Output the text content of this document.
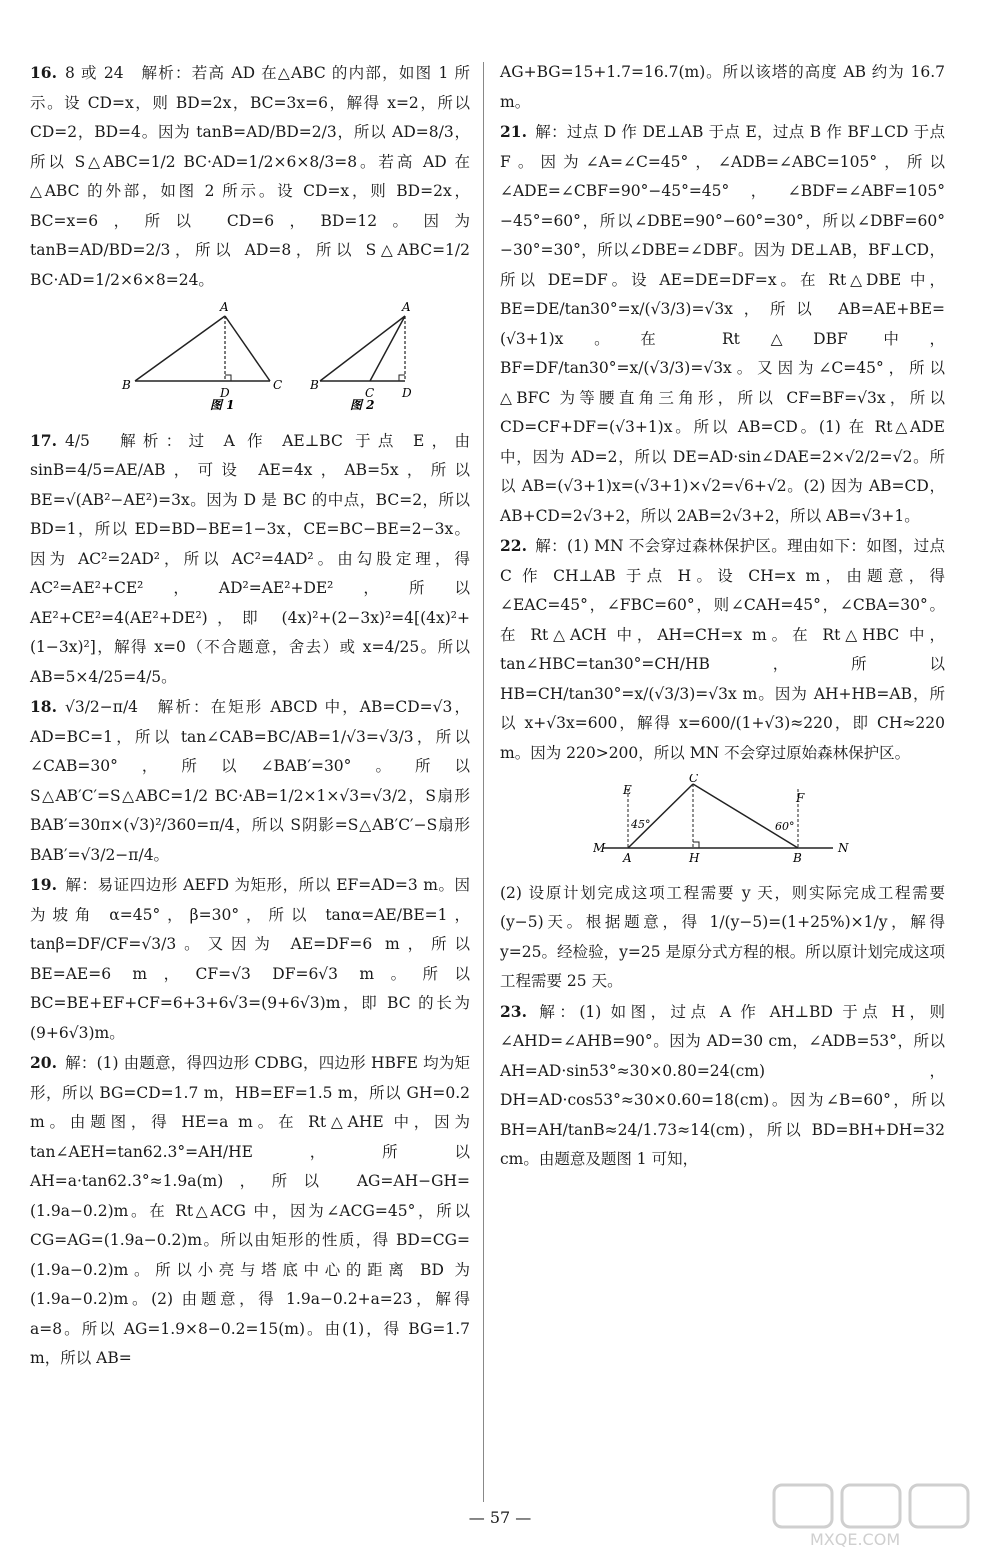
16. 8 或 24　解析：若高 AD 在△ABC 的内部，如图 1 所示。设 CD=x，则 BD=2x，BC=3x=6，解得 x=2，所以 CD=2，BD=4。因为 tanB=AD/BD=2/3，所以 AD=8/3，所以 S△ABC=1/2 BC·AD=1/2×6×8/3=8。若高 AD 在△ABC 的外部，如图 2 所示。设 CD=x，则 BD=2x，BC=x=6，所以 CD=6，BD=12。因为 tanB=AD/BD=2/3，所以 AD=8，所以 S△ABC=1/2 BC·AD=1/2×6×8=24。

A
B
D
C
图 1

A
B
C D
图 2

17. 4/5　解析：过 A 作 AE⊥BC 于点 E，由 sinB=4/5=AE/AB，可设 AE=4x，AB=5x，所以 BE=√(AB²−AE²)=3x。因为 D 是 BC 的中点，BC=2，所以 BD=1，所以 ED=BD−BE=1−3x，CE=BC−BE=2−3x。因为 AC²=2AD²，所以 AC²=4AD²。由勾股定理，得 AC²=AE²+CE²，AD²=AE²+DE²，所以 AE²+CE²=4(AE²+DE²)，即 (4x)²+(2−3x)²=4[(4x)²+(1−3x)²]，解得 x=0（不合题意，舍去）或 x=4/25。所以 AB=5×4/25=4/5。

18. √3/2−π/4　解析：在矩形 ABCD 中，AB=CD=√3，AD=BC=1，所以 tan∠CAB=BC/AB=1/√3=√3/3，所以∠CAB=30°，所以∠BAB′=30°。所以 S△AB′C′=S△ABC=1/2 BC·AB=1/2×1×√3=√3/2，S扇形BAB′=30π×(√3)²/360=π/4，所以 S阴影=S△AB′C′−S扇形BAB′=√3/2−π/4。

19. 解：易证四边形 AEFD 为矩形，所以 EF=AD=3 m。因为坡角 α=45°，β=30°，所以 tanα=AE/BE=1，tanβ=DF/CF=√3/3。又因为 AE=DF=6 m，所以 BE=AE=6 m，CF=√3 DF=6√3 m。所以 BC=BE+EF+CF=6+3+6√3=(9+6√3)m，即 BC 的长为(9+6√3)m。

20. 解：(1) 由题意，得四边形 CDBG，四边形 HBFE 均为矩形，所以 BG=CD=1.7 m，HB=EF=1.5 m，所以 GH=0.2 m。由题图，得 HE=a m。在 Rt△AHE 中，因为 tan∠AEH=tan62.3°=AH/HE，所以 AH=a·tan62.3°≈1.9a(m)，所以 AG=AH−GH=(1.9a−0.2)m。在 Rt△ACG 中，因为∠ACG=45°，所以 CG=AG=(1.9a−0.2)m。所以由矩形的性质，得 BD=CG=(1.9a−0.2)m。所以小亮与塔底中心的距离 BD 为(1.9a−0.2)m。(2) 由题意，得 1.9a−0.2+a=23，解得 a=8。所以 AG=1.9×8−0.2=15(m)。由(1)，得 BG=1.7 m，所以 AB=

AG+BG=15+1.7=16.7(m)。所以该塔的高度 AB 约为 16.7 m。

21. 解：过点 D 作 DE⊥AB 于点 E，过点 B 作 BF⊥CD 于点 F。因为∠A=∠C=45°，∠ADB=∠ABC=105°，所以∠ADE=∠CBF=90°−45°=45°，∠BDF=∠ABF=105°−45°=60°，所以∠DBE=90°−60°=30°，所以∠DBF=60°−30°=30°，所以∠DBE=∠DBF。因为 DE⊥AB，BF⊥CD，所以 DE=DF。设 AE=DE=DF=x。在 Rt△DBE 中，BE=DE/tan30°=x/(√3/3)=√3x，所以 AB=AE+BE=(√3+1)x。在 Rt△DBF 中，BF=DF/tan30°=x/(√3/3)=√3x。又因为∠C=45°，所以△BFC 为等腰直角三角形，所以 CF=BF=√3x，所以 CD=CF+DF=(√3+1)x。所以 AB=CD。(1) 在 Rt△ADE 中，因为 AD=2，所以 DE=AD·sin∠DAE=2×√2/2=√2。所以 AB=(√3+1)x=(√3+1)×√2=√6+√2。(2) 因为 AB=CD，AB+CD=2√3+2，所以 2AB=2√3+2，所以 AB=√3+1。

22. 解：(1) MN 不会穿过森林保护区。理由如下：如图，过点 C 作 CH⊥AB 于点 H。设 CH=x m，由题意，得∠EAC=45°，∠FBC=60°，则∠CAH=45°，∠CBA=30°。在 Rt△ACH 中，AH=CH=x m。在 Rt△HBC 中，tan∠HBC=tan30°=CH/HB，所以 HB=CH/tan30°=x/(√3/3)=√3x m。因为 AH+HB=AB，所以 x+√3x=600，解得 x=600/(1+√3)≈220，即 CH≈220 m。因为 220>200，所以 MN 不会穿过原始森林保护区。

C
E
F
M
A	H	B
N
45°	60°

(2) 设原计划完成这项工程需要 y 天，则实际完成工程需要(y−5)天。根据题意，得 1/(y−5)=(1+25%)×1/y，解得 y=25。经检验，y=25 是原分式方程的根。所以原计划完成这项工程需要 25 天。

23. 解：(1) 如图，过点 A 作 AH⊥BD 于点 H，则∠AHD=∠AHB=90°。因为 AD=30 cm，∠ADB=53°，所以 AH=AD·sin53°≈30×0.80=24(cm)，DH=AD·cos53°≈30×0.60=18(cm)。因为∠B=60°，所以 BH=AH/tanB≈24/1.73≈14(cm)，所以 BD=BH+DH=32 cm。由题意及题图 1 可知，

— 57 —
MXQE.COM
